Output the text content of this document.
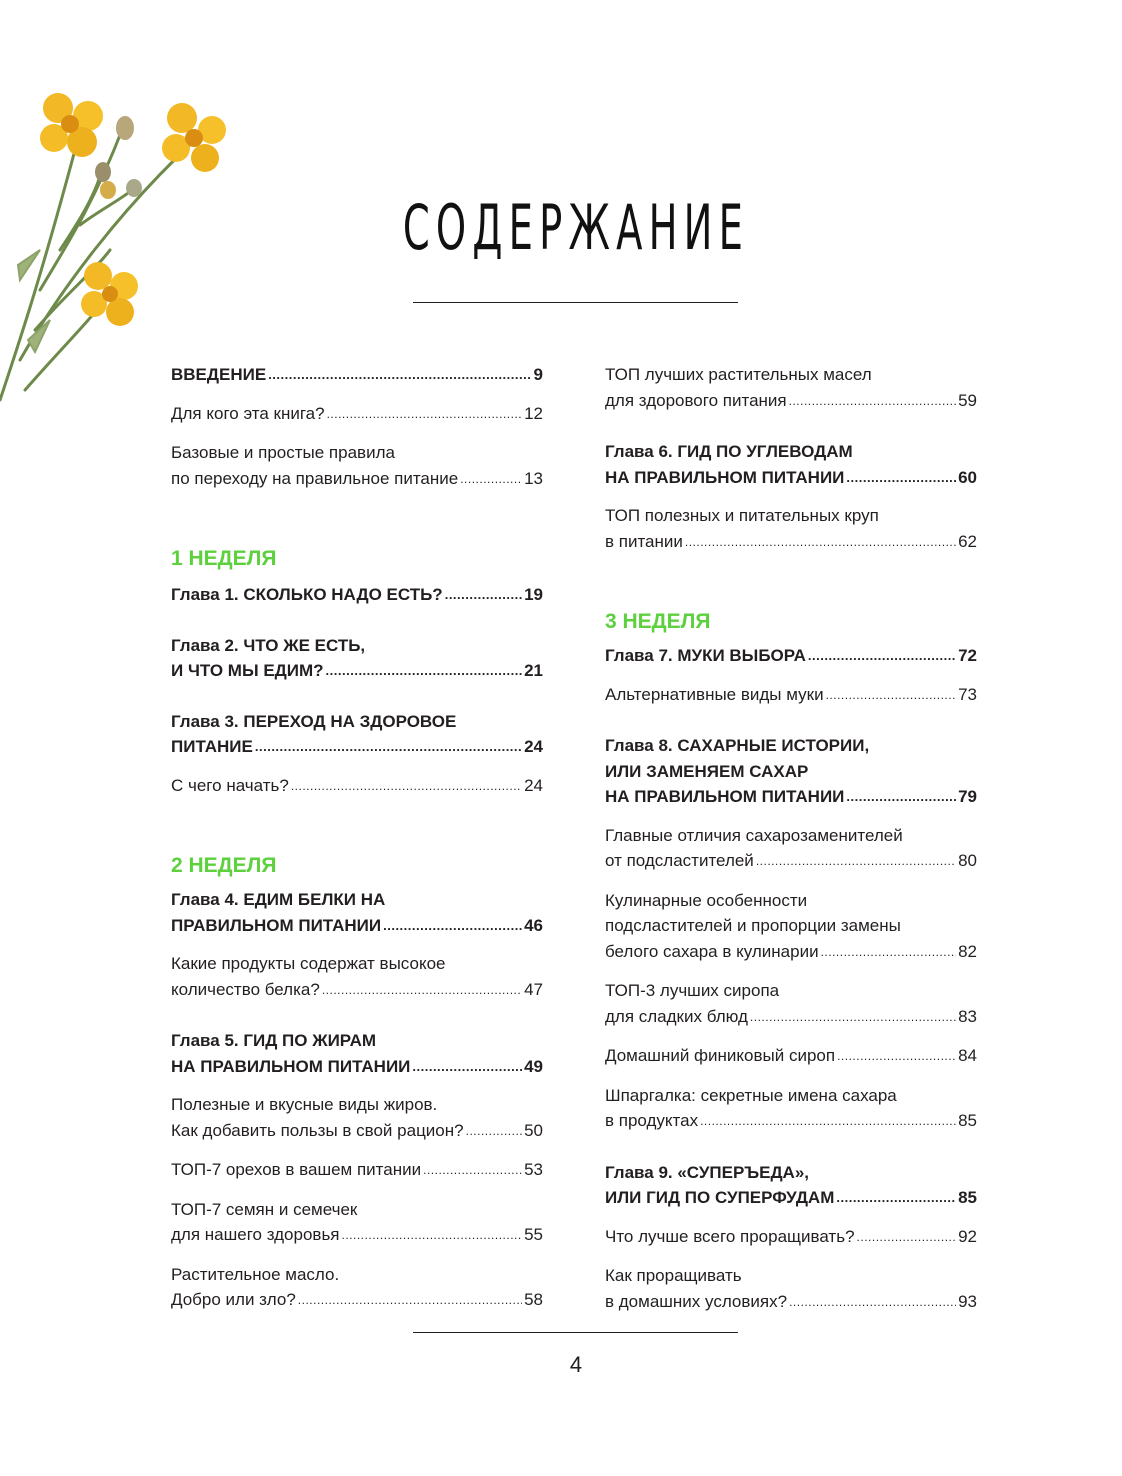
СОДЕРЖАНИЕ
ВВЕДЕНИЕ .....	9
Для кого эта книга? .....	12
Базовые и простые правила
по переходу на правильное питание .....	13
1 НЕДЕЛЯ
Глава 1. СКОЛЬКО НАДО ЕСТЬ? .....	19
Глава 2. ЧТО ЖЕ ЕСТЬ,
И ЧТО МЫ ЕДИМ? .....	21
Глава 3. ПЕРЕХОД НА ЗДОРОВОЕ
ПИТАНИЕ .....	24
С чего начать? .....	24
2 НЕДЕЛЯ
Глава 4. ЕДИМ БЕЛКИ НА
ПРАВИЛЬНОМ ПИТАНИИ .....	46
Какие продукты содержат высокое
количество белка? .....	47
Глава 5. ГИД ПО ЖИРАМ
НА ПРАВИЛЬНОМ ПИТАНИИ .....	49
Полезные и вкусные виды жиров.
Как добавить пользы в свой рацион? .....	50
ТОП-7 орехов в вашем питании .....	53
ТОП-7 семян и семечек
для нашего здоровья .....	55
Растительное масло.
Добро или зло? .....	58
ТОП лучших растительных масел
для здорового питания .....	59
Глава 6. ГИД ПО УГЛЕВОДАМ
НА ПРАВИЛЬНОМ ПИТАНИИ .....	60
ТОП полезных и питательных круп
в питании .....	62
3 НЕДЕЛЯ
Глава 7. МУКИ ВЫБОРА .....	72
Альтернативные виды муки .....	73
Глава 8. САХАРНЫЕ ИСТОРИИ,
ИЛИ ЗАМЕНЯЕМ САХАР
НА ПРАВИЛЬНОМ ПИТАНИИ .....	79
Главные отличия сахарозаменителей
от подсластителей .....	80
Кулинарные особенности
подсластителей и пропорции замены
белого сахара в кулинарии .....	82
ТОП-3 лучших сиропа
для сладких блюд .....	83
Домашний финиковый сироп .....	84
Шпаргалка: секретные имена сахара
в продуктах .....	85
Глава 9. «СУПЕРЪЕДА»,
ИЛИ ГИД ПО СУПЕРФУДАМ .....	85
Что лучше всего проращивать? .....	92
Как проращивать
в домашних условиях? .....	93
4
